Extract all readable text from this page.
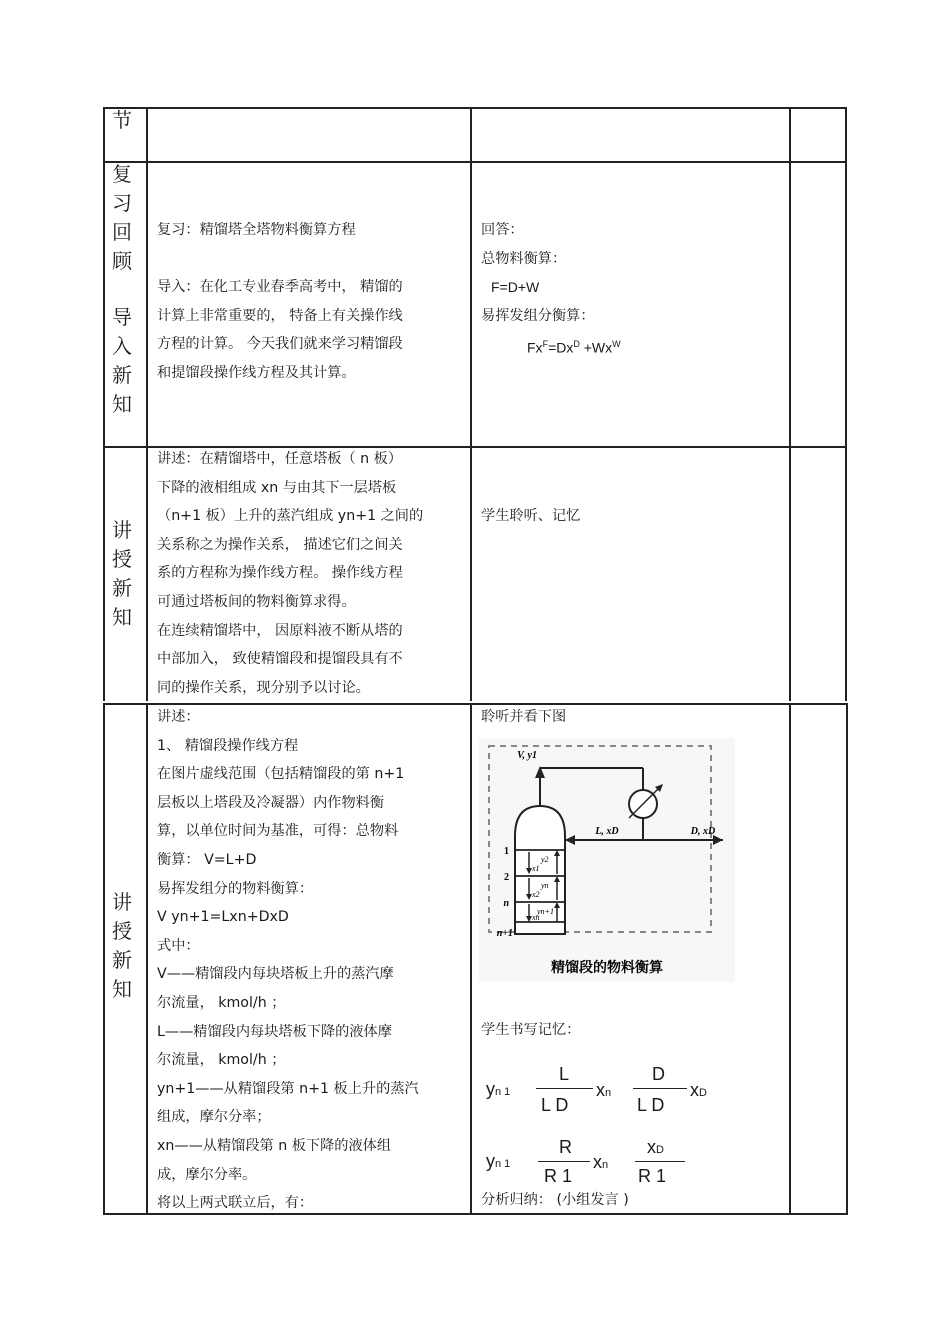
节
复
习
回
顾
导
入
新
知
复习：精馏塔全塔物料衡算方程
导入：在化工专业春季高考中， 精馏的
计算上非常重要的， 特备上有关操作线
方程的计算。 今天我们就来学习精馏段
和提馏段操作线方程及其计算。
回答：
总物料衡算：
F=D+W
易挥发组分衡算：
$Fx^F=Dx^D +Wx^W$
讲
授
新
知
讲述：在精馏塔中，任意塔板（ n 板）
下降的液相组成 xn 与由其下一层塔板
（n+1 板）上升的蒸汽组成 yn+1 之间的
关系称之为操作关系， 描述它们之间关
系的方程称为操作线方程。 操作线方程
可通过塔板间的物料衡算求得。
在连续精馏塔中， 因原料液不断从塔的
中部加入， 致使精馏段和提馏段具有不
同的操作关系，现分别予以讨论。
学生聆听、记忆
讲
授
新
知
讲述：
1、 精馏段操作线方程
在图片虚线范围（包括精馏段的第 n+1
层板以上塔段及冷凝器）内作物料衡
算，以单位时间为基准，可得：总物料
衡算： V=L+D
易挥发组分的物料衡算：
V yn+1=Lxn+DxD
式中：
V——精馏段内每块塔板上升的蒸汽摩
尔流量， kmol/h ；
L——精馏段内每块塔板下降的液体摩
尔流量， kmol/h ；
yn+1——从精馏段第 n+1 板上升的蒸汽
组成，摩尔分率；
xn——从精馏段第 n 板下降的液体组
成，摩尔分率。
将以上两式联立后，有：
聆听并看下图
V, y1
L, xD	D, xD
1
2
n
n+1
y2
yn
yn+1
x1
x2
xn
精馏段的物料衡算
学生书写记忆：
yn 1
L
L D
xn
D
L D
xD
yn 1
R
R 1
xn
xD
R 1
分析归纳： (小组发言 )
